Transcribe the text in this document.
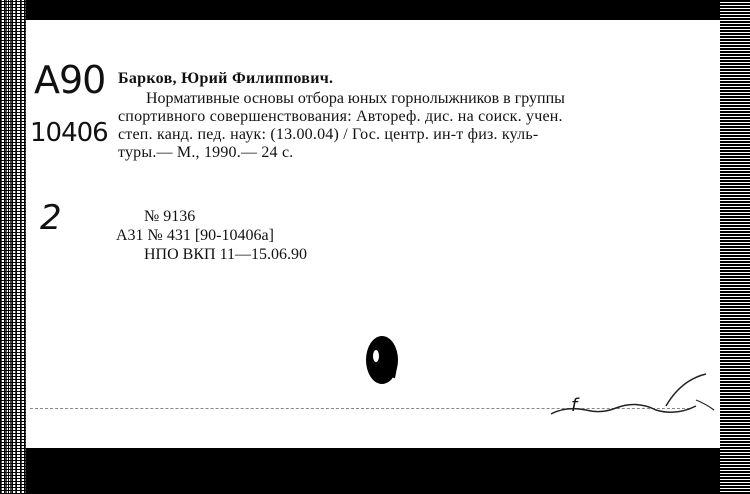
A90
10406
2
Барков, Юрий Филиппович.
Нормативные основы отбора юных горнолыжников в группы
спортивного совершенствования: Автореф. дис. на соиск. учен.
степ. канд. пед. наук: (13.00.04) / Гос. центр. ин-т физ. куль-
туры.— М., 1990.— 24 с.
№ 9136
А31 № 431 [90-10406а]
НПО ВКП 11—15.06.90
f
